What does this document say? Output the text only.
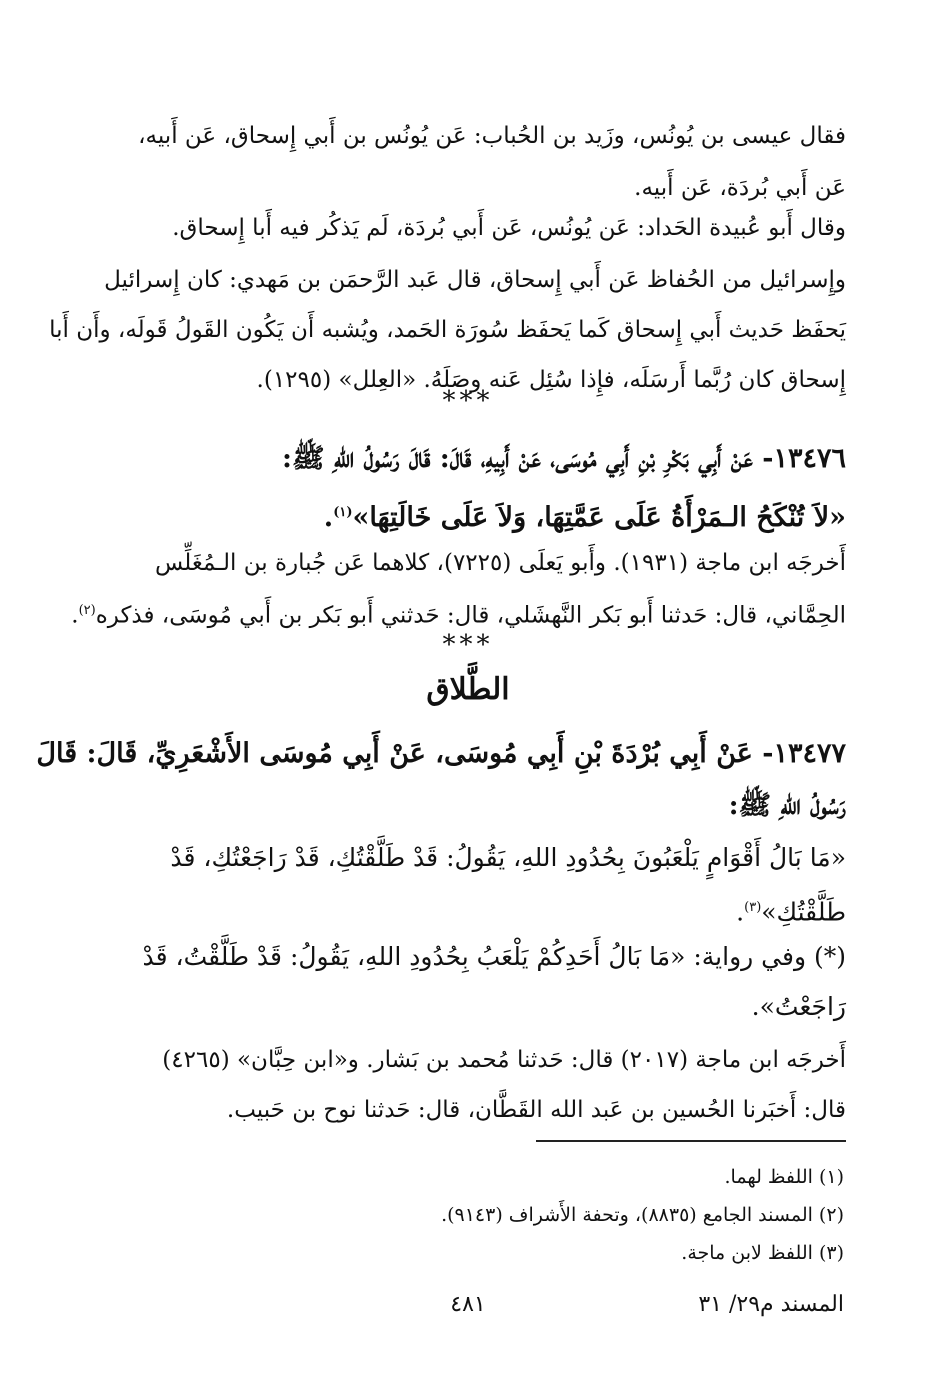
فقال عيسى بن يُونُس، وزَيد بن الحُباب: عَن يُونُس بن أَبي إِسحاق، عَن أَبيه،
عَن أَبي بُردَة، عَن أَبيه.
وقال أَبو عُبيدة الحَداد: عَن يُونُس، عَن أَبي بُردَة، لَم يَذكُر فيه أَبا إِسحاق.
وإِسرائيل من الحُفاظ عَن أَبي إِسحاق، قال عَبد الرَّحمَن بن مَهدي: كان إِسرائيل
يَحفَظ حَديث أَبي إِسحاق كَما يَحفَظ سُورَة الحَمد، ويُشبه أَن يَكُون القَولُ قَولَه، وأَن أَبا
إِسحاق كان رُبَّما أَرسَلَه، فإِذا سُئِل عَنه وصَلَهُ. «العِلل» (١٢٩٥).
***
١٣٤٧٦- عَنْ أَبِي بَكْرِ بْنِ أَبِي مُوسَى، عَنْ أَبِيهِ، قَالَ: قَالَ رَسُولُ اللهِ ﷺ:
«لاَ تُنْكَحُ الـمَرْأَةُ عَلَى عَمَّتِهَا، وَلاَ عَلَى خَالَتِهَا»$^{(١)}$.
أَخرجَه ابن ماجة (١٩٣١). وأَبو يَعلَى (٧٢٢٥)، كلاهما عَن جُبارة بن الـمُغَلِّس
الحِمَّاني، قال: حَدثنا أَبو بَكر النَّهشَلي، قال: حَدثني أَبو بَكر بن أَبي مُوسَى، فذكره$^{(٢)}$.
***
الطَّلاق
١٣٤٧٧- عَنْ أَبِي بُرْدَةَ بْنِ أَبِي مُوسَى، عَنْ أَبِي مُوسَى الأَشْعَرِيِّ، قَالَ: قَالَ
رَسُولُ اللهِ ﷺ:
«مَا بَالُ أَقْوَامٍ يَلْعَبُونَ بِحُدُودِ اللهِ، يَقُولُ: قَدْ طَلَّقْتُكِ، قَدْ رَاجَعْتُكِ، قَدْ
طَلَّقْتُكِ»$^{(٣)}$.
(*) وفي رواية: «مَا بَالُ أَحَدِكُمْ يَلْعَبُ بِحُدُودِ اللهِ، يَقُولُ: قَدْ طَلَّقْتُ، قَدْ
رَاجَعْتُ».
أَخرجَه ابن ماجة (٢٠١٧) قال: حَدثنا مُحمد بن بَشار. و«ابن حِبَّان» (٤٢٦٥)
قال: أَخبَرنا الحُسين بن عَبد الله القَطَّان، قال: حَدثنا نوح بن حَبيب.
(١) اللفظ لهما.
(٢) المسند الجامع (٨٨٣٥)، وتحفة الأَشراف (٩١٤٣).
(٣) اللفظ لابن ماجة.
المسند م٢٩/ ٣١
٤٨١
